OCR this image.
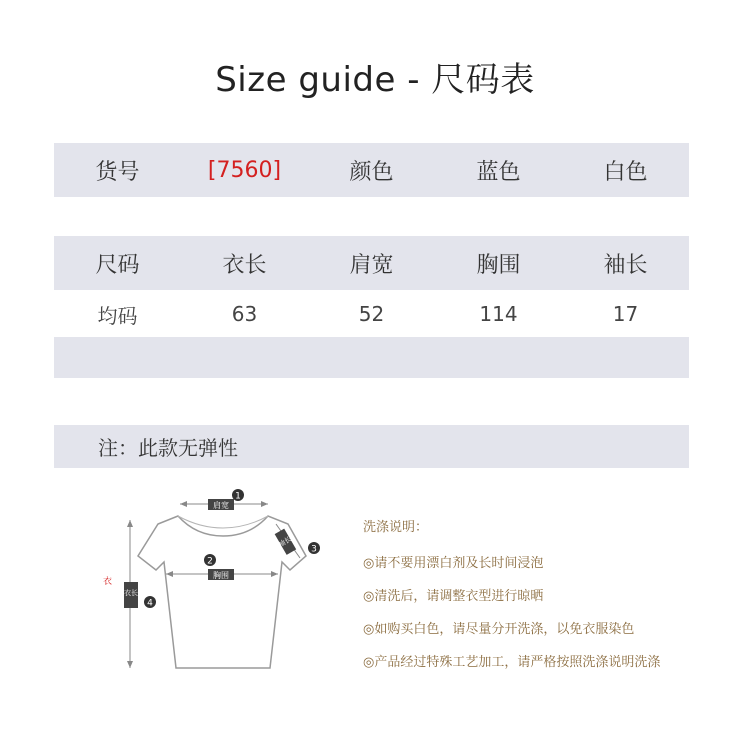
Size guide - 尺码表
货号	[7560]	颜色	蓝色	白色
尺码	衣长	肩宽	胸围	袖长
均码	63	52	114	17
注：此款无弹性
肩宽
1
胸围
2
袖长
3
衣长
4
衣
洗涤说明：
◎请不要用漂白剂及长时间浸泡
◎清洗后，请调整衣型进行晾晒
◎如购买白色，请尽量分开洗涤，以免衣服染色
◎产品经过特殊工艺加工，请严格按照洗涤说明洗涤
